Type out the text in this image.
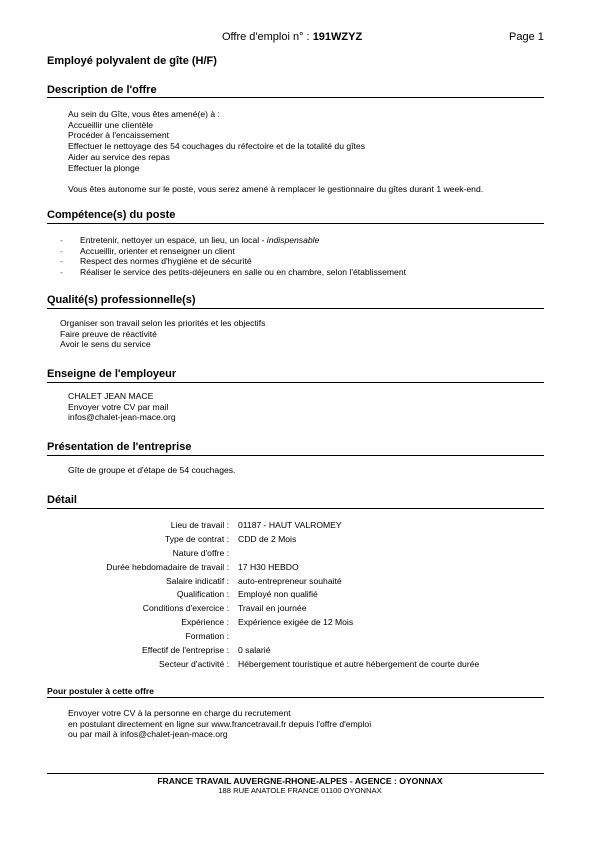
Offre d'emploi n° : 191WZYZ	Page 1
Employé polyvalent de gîte (H/F)
Description de l'offre
Au sein du Gîte, vous êtes amené(e) à :
Accueillir une clientèle
Procéder à l'encaissement
Effectuer le nettoyage des 54 couchages du réfectoire et de la totalité du gîtes
Aider au service des repas
Effectuer la plonge
Vous êtes autonome sur le poste, vous serez amené à remplacer le gestionnaire du gîtes durant 1 week-end.
Compétence(s) du poste
- Entretenir, nettoyer un espace, un lieu, un local - indispensable
- Accueillir, orienter et renseigner un client
- Respect des normes d'hygiène et de sécurité
- Réaliser le service des petits-déjeuners en salle ou en chambre, selon l'établissement
Qualité(s) professionnelle(s)
Organiser son travail selon les priorités et les objectifs
Faire preuve de réactivité
Avoir le sens du service
Enseigne de l'employeur
CHALET JEAN MACE
Envoyer votre CV par mail
infos@chalet-jean-mace.org
Présentation de l'entreprise
Gîte de groupe et d'étape de 54 couchages.
Détail
Lieu de travail : 01187 - HAUT VALROMEY
Type de contrat : CDD de 2 Mois
Nature d'offre :
Durée hebdomadaire de travail : 17 H30 HEBDO
Salaire indicatif : auto-entrepreneur souhaité
Qualification : Employé non qualifié
Conditions d'exercice : Travail en journée
Expérience : Expérience exigée de 12 Mois
Formation :
Effectif de l'entreprise : 0 salarié
Secteur d'activité : Hébergement touristique et autre hébergement de courte durée
Pour postuler à cette offre
Envoyer votre CV à la personne en charge du recrutement
en postulant directement en ligne sur www.francetravail.fr depuis l'offre d'emploi
ou par mail à infos@chalet-jean-mace.org
FRANCE TRAVAIL AUVERGNE-RHONE-ALPES - AGENCE : OYONNAX
188 RUE ANATOLE FRANCE 01100 OYONNAX
